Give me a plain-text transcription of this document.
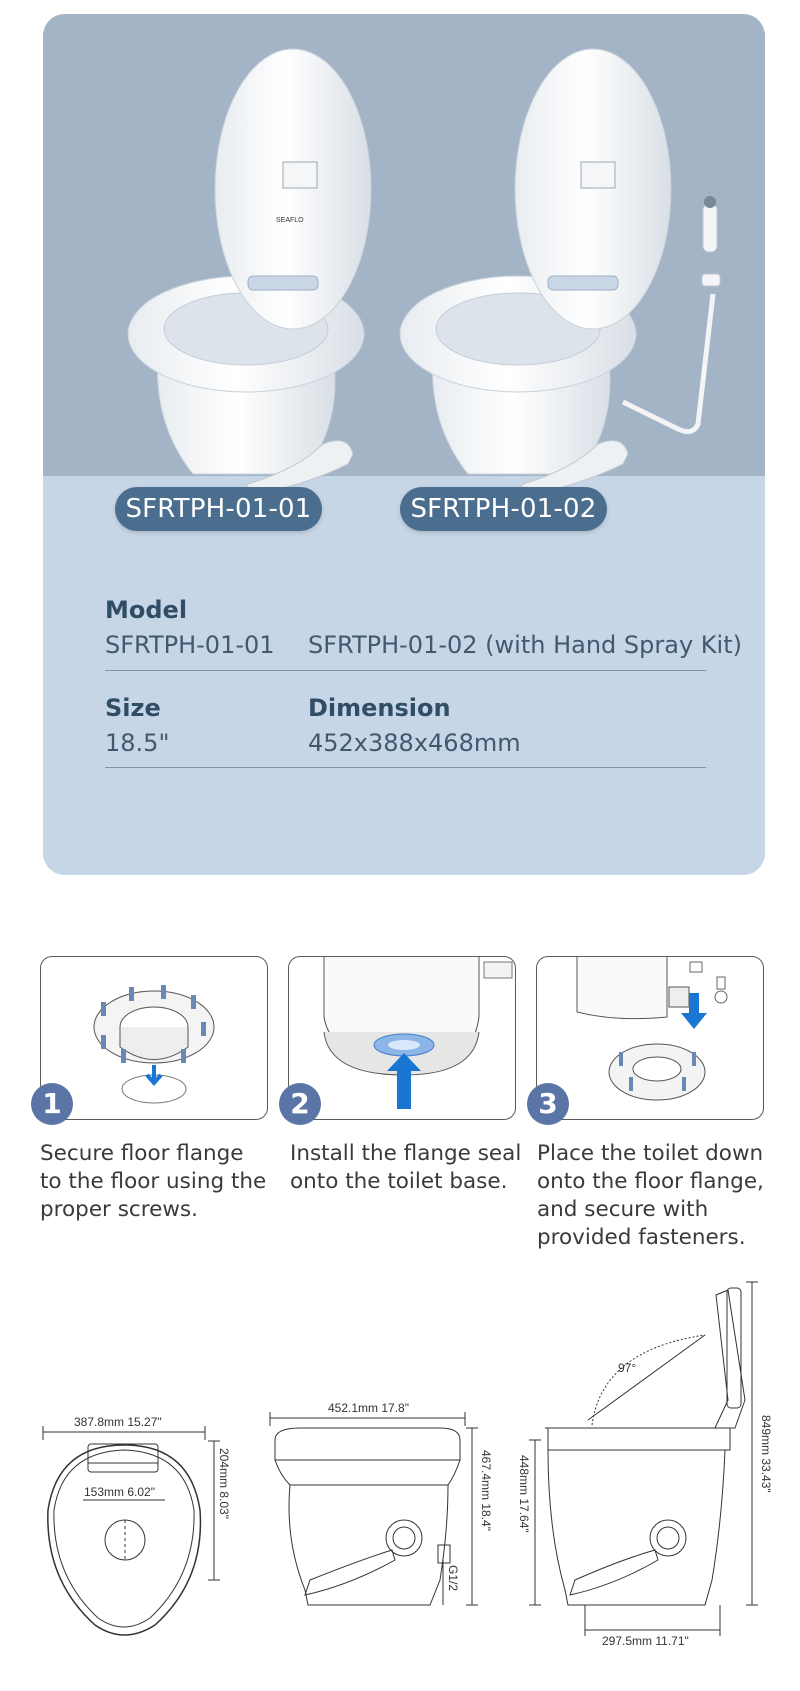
SEAFLO
SFRTPH-01-01	SFRTPH-01-02
Model
SFRTPH-01-01 SFRTPH-01-02 (with Hand Spray Kit)
Size
18.5"
Dimension
452x388x468mm
1	2	3
Secure floor flange
to the floor using the
proper screws.
Install the flange seal
onto the toilet base.
Place the toilet down
onto the floor flange,
and secure with
provided fasteners.
387.8mm 15.27"
153mm 6.02"	204mm 8.03"
452.1mm 17.8"
467.4mm 18.4"
G1/2
97°
448mm 17.64"
849mm 33.43"
297.5mm 11.71"
